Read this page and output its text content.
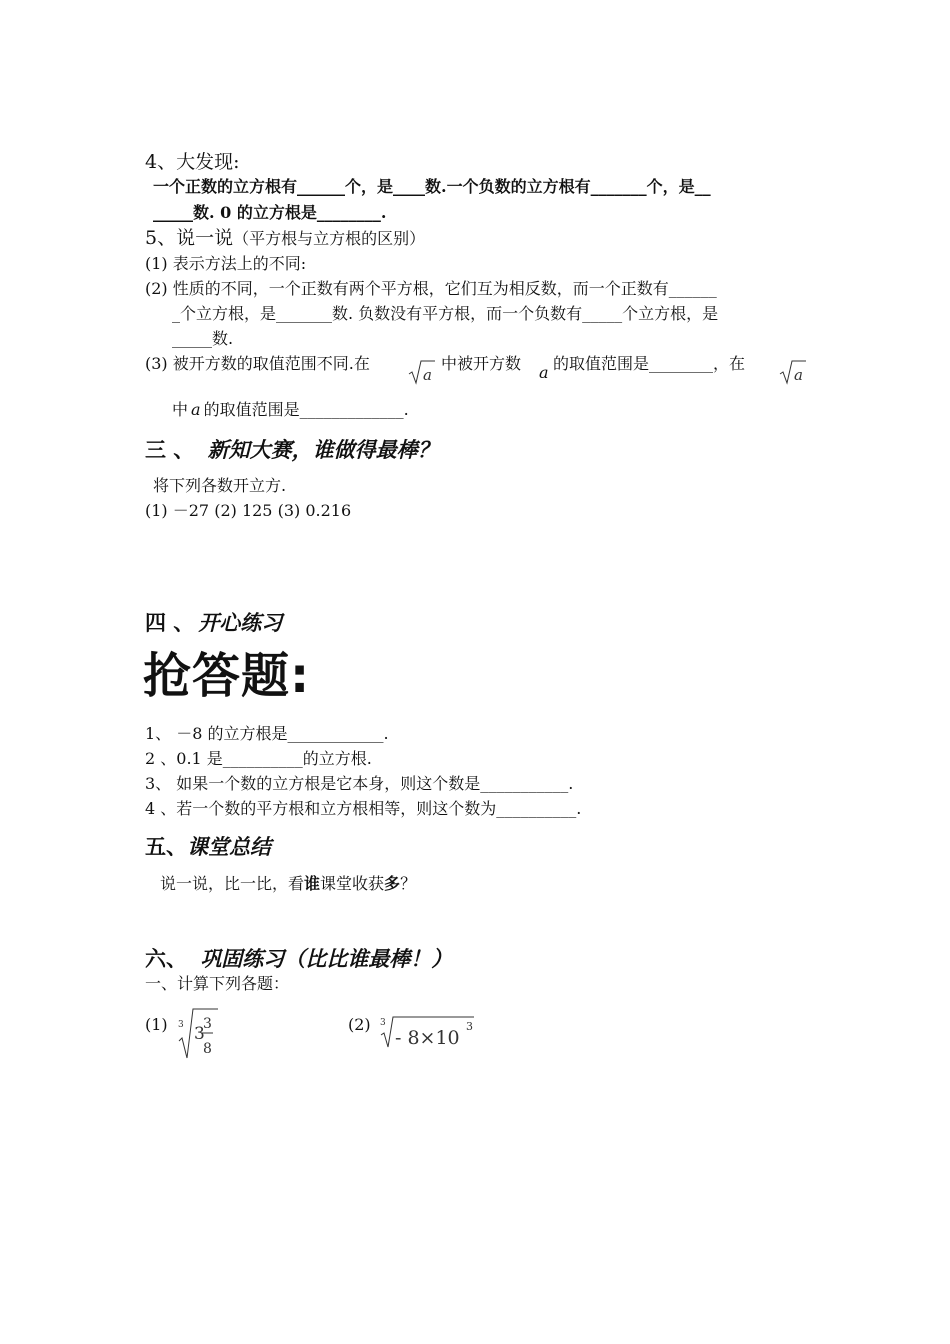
4、大发现:
一个正数的立方根有______个，是____数.一个负数的立方根有_______个，是__
_____数. 0 的立方根是________.
5、说一说（平方根与立方根的区别）
(1) 表示方法上的不同:
(2) 性质的不同，一个正数有两个平方根，它们互为相反数，而一个正数有______
_个立方根，是_______数. 负数没有平方根，而一个负数有_____个立方根，是
_____数.
(3) 被开方数的取值范围不同.在
a
中被开方数 a 的取值范围是________，在
a
中 a 的取值范围是_____________.
三 、 新知大赛，谁做得最棒？
将下列各数开立方.
(1) －27 (2) 125 (3) 0.216
四 、 开心练习
抢答题:
1、 －8 的立方根是____________.
2 、0.1 是__________的立方根.
3、 如果一个数的立方根是它本身，则这个数是___________.
4 、若一个数的平方根和立方根相等，则这个数为__________.
五、课堂总结
说一说，比一比，看谁课堂收获多？
六、 巩固练习（比比谁最棒！）
一、计算下列各题：
(1) 3 3
3
8
(2) 3
- 8×10
3
